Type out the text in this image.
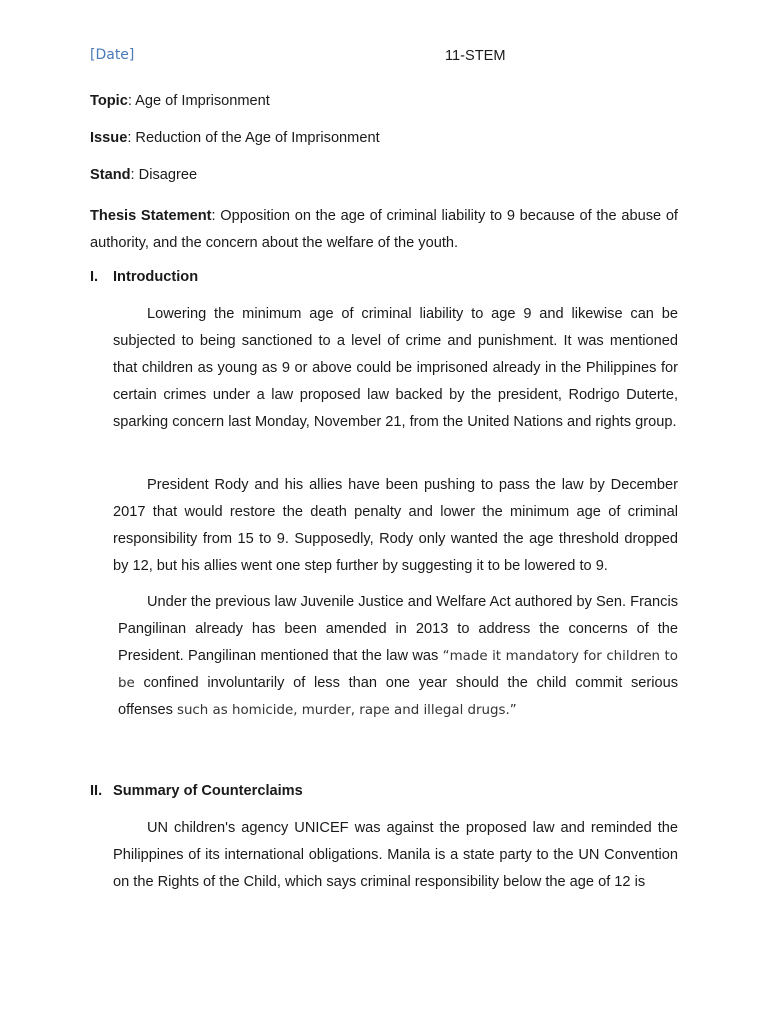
[Date]	11-STEM
Topic: Age of Imprisonment
Issue: Reduction of the Age of Imprisonment
Stand: Disagree
Thesis Statement: Opposition on the age of criminal liability to 9 because of the abuse of authority, and the concern about the welfare of the youth.
I. Introduction
Lowering the minimum age of criminal liability to age 9 and likewise can be subjected to being sanctioned to a level of crime and punishment. It was mentioned that children as young as 9 or above could be imprisoned already in the Philippines for certain crimes under a law proposed law backed by the president, Rodrigo Duterte, sparking concern last Monday, November 21, from the United Nations and rights group.
President Rody and his allies have been pushing to pass the law by December 2017 that would restore the death penalty and lower the minimum age of criminal responsibility from 15 to 9. Supposedly, Rody only wanted the age threshold dropped by 12, but his allies went one step further by suggesting it to be lowered to 9.
Under the previous law Juvenile Justice and Welfare Act authored by Sen. Francis Pangilinan already has been amended in 2013 to address the concerns of the President. Pangilinan mentioned that the law was “made it mandatory for children to be confined involuntarily of less than one year should the child commit serious offenses such as homicide, murder, rape and illegal drugs.”
II. Summary of Counterclaims
UN children's agency UNICEF was against the proposed law and reminded the Philippines of its international obligations. Manila is a state party to the UN Convention on the Rights of the Child, which says criminal responsibility below the age of 12 is
